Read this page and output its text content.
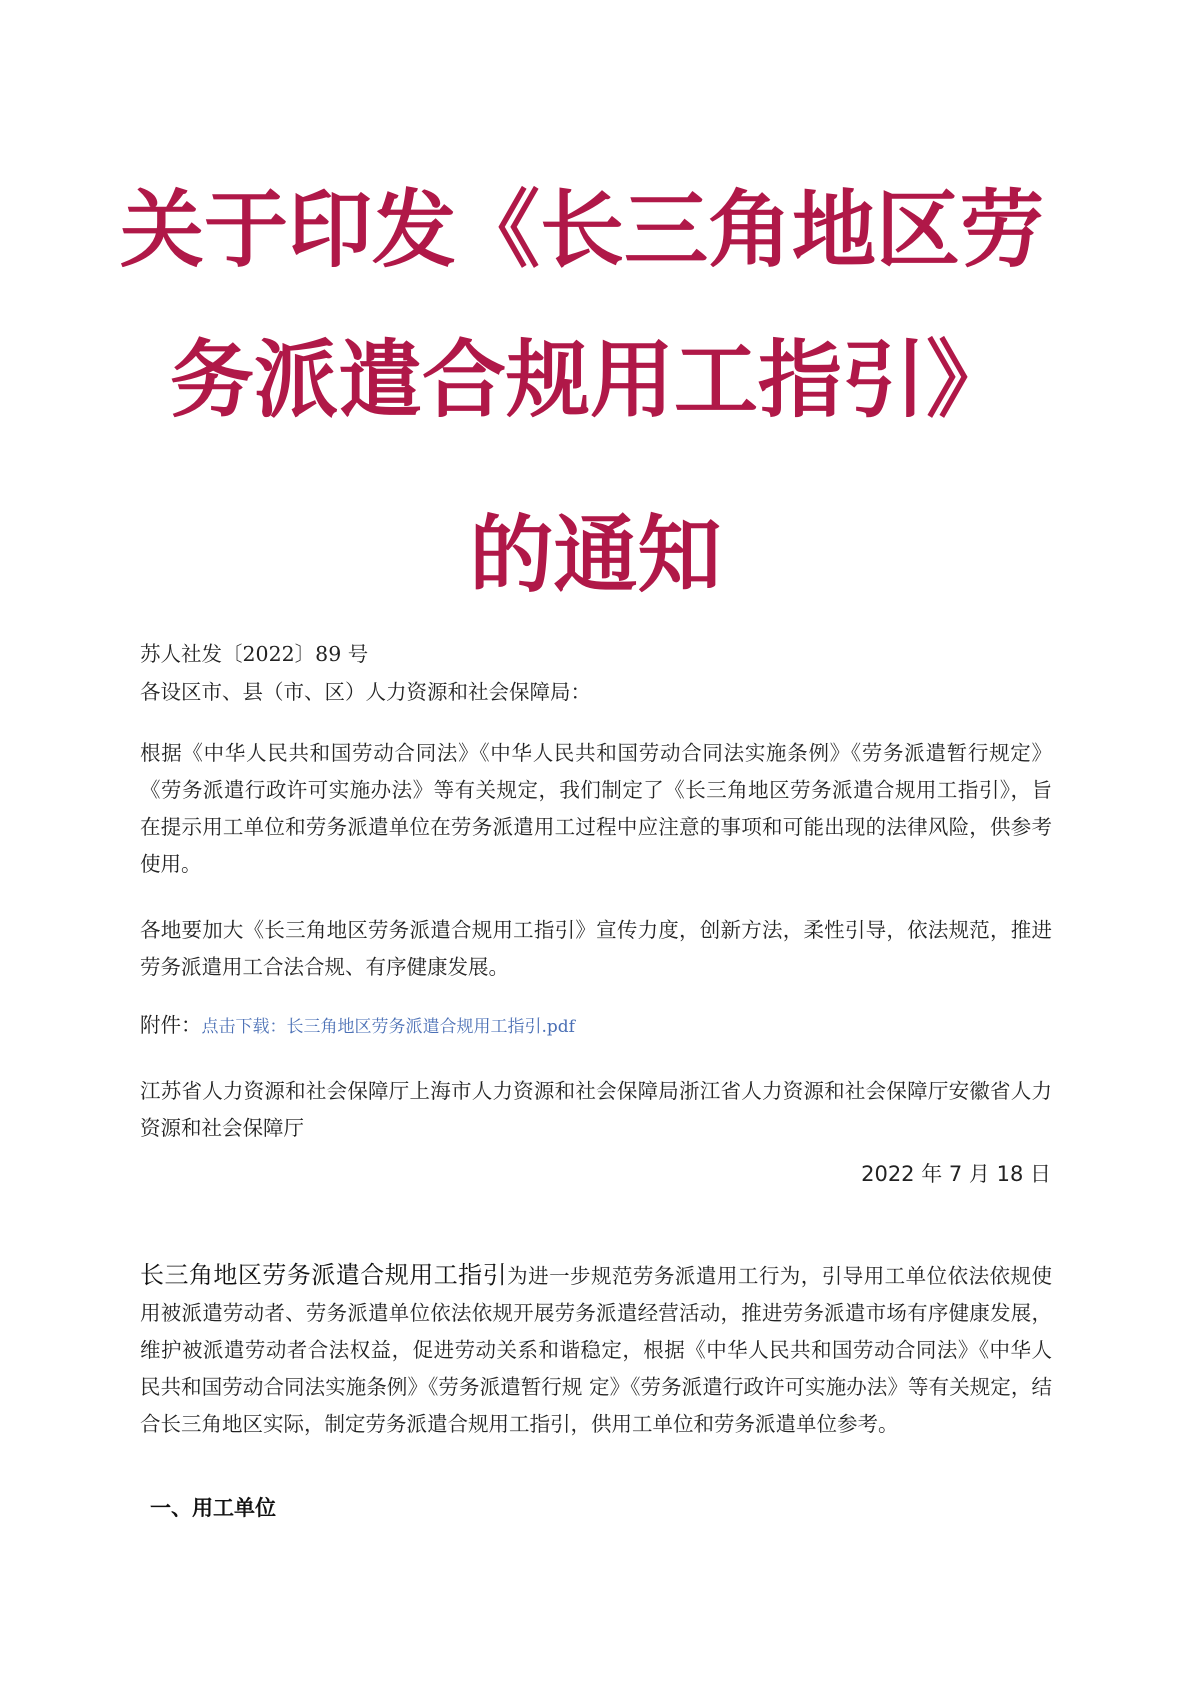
关于印发《长三角地区劳
务派遣合规用工指引》
的通知

苏人社发〔2022〕89 号

各设区市、县（市、区）人力资源和社会保障局：

根据《中华人民共和国劳动合同法》《中华人民共和国劳动合同法实施条例》《劳务派遣暂行规定》《劳务派遣行政许可实施办法》等有关规定，我们制定了《长三角地区劳务派遣合规用工指引》，旨在提示用工单位和劳务派遣单位在劳务派遣用工过程中应注意的事项和可能出现的法律风险，供参考使用。

各地要加大《长三角地区劳务派遣合规用工指引》宣传力度，创新方法，柔性引导，依法规范，推进劳务派遣用工合法合规、有序健康发展。

附件：点击下载：长三角地区劳务派遣合规用工指引.pdf

江苏省人力资源和社会保障厅上海市人力资源和社会保障局浙江省人力资源和社会保障厅安徽省人力资源和社会保障厅

2022 年 7 月 18 日

长三角地区劳务派遣合规用工指引为进一步规范劳务派遣用工行为，引导用工单位依法依规使用被派遣劳动者、劳务派遣单位依法依规开展劳务派遣经营活动，推进劳务派遣市场有序健康发展，维护被派遣劳动者合法权益，促进劳动关系和谐稳定，根据《中华人民共和国劳动合同法》《中华人民共和国劳动合同法实施条例》《劳务派遣暂行规 定》《劳务派遣行政许可实施办法》等有关规定，结合长三角地区实际，制定劳务派遣合规用工指引，供用工单位和劳务派遣单位参考。

一、用工单位
